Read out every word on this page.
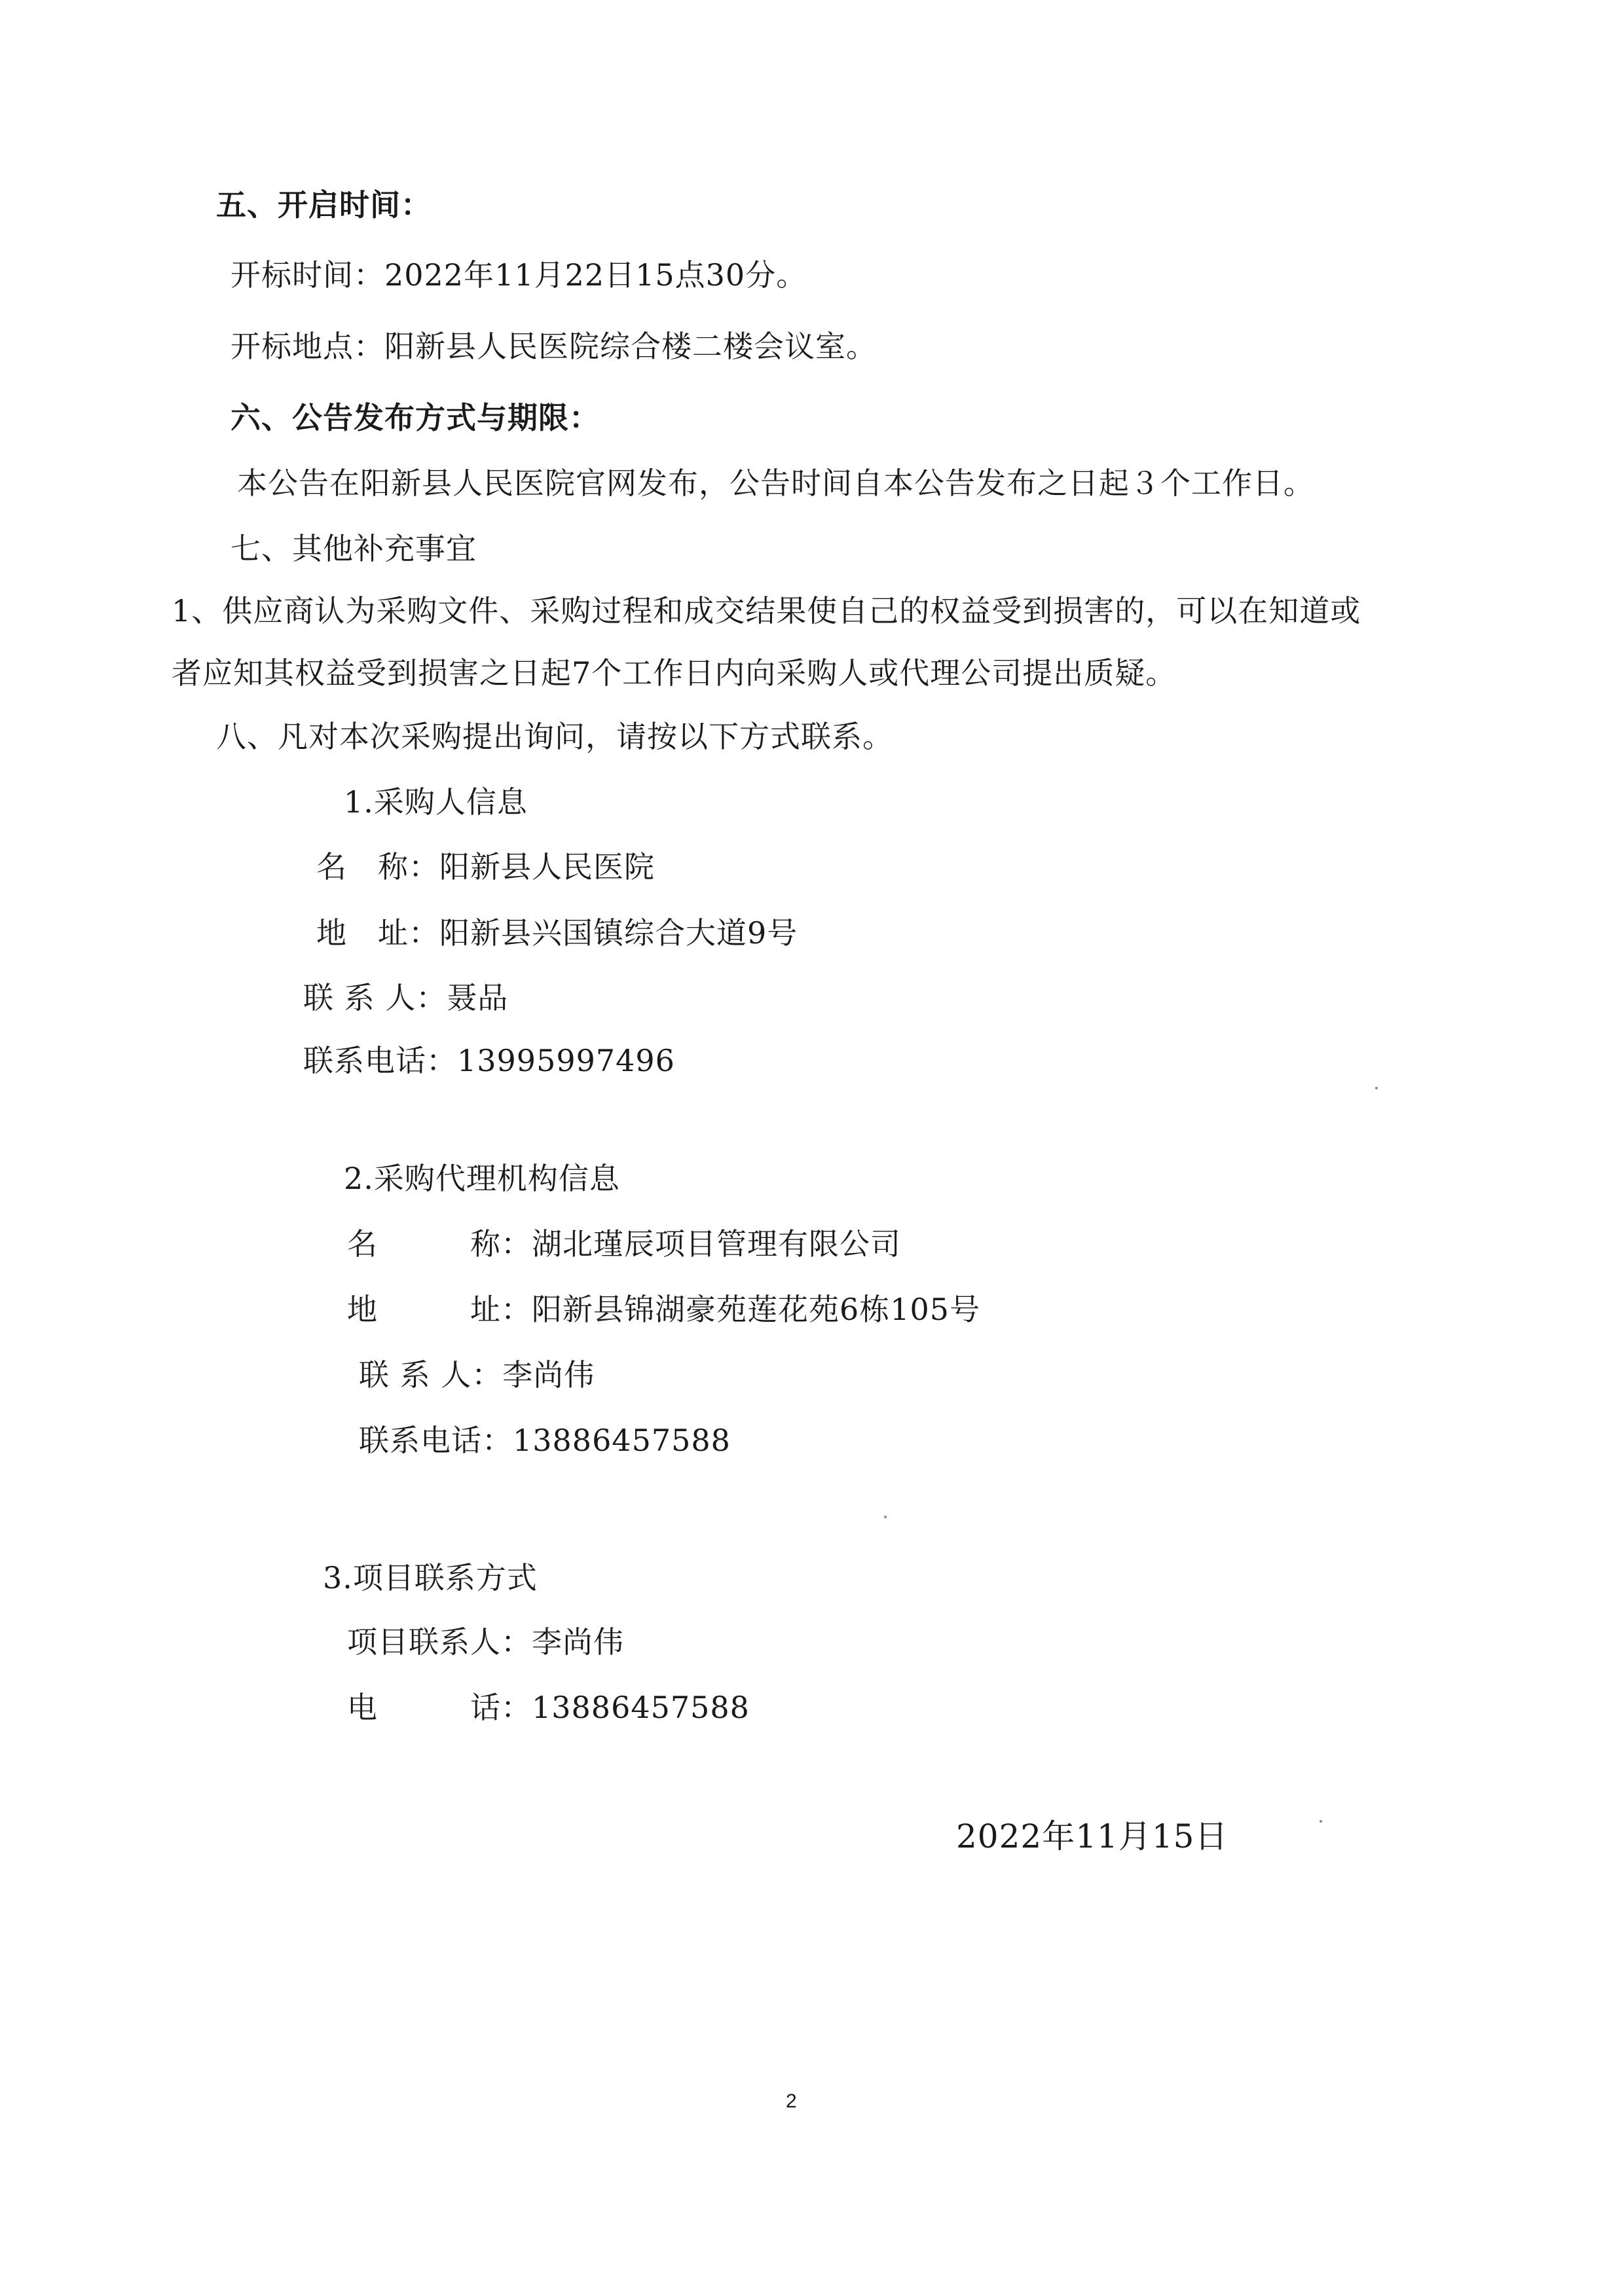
五、开启时间：
开标时间：2022年11月22日15点30分。
开标地点：阳新县人民医院综合楼二楼会议室。
六、公告发布方式与期限：
本公告在阳新县人民医院官网发布，公告时间自本公告发布之日起３个工作日。
七、其他补充事宜
1、供应商认为采购文件、采购过程和成交结果使自己的权益受到损害的，可以在知道或
者应知其权益受到损害之日起7个工作日内向采购人或代理公司提出质疑。
八、凡对本次采购提出询问，请按以下方式联系。
1.采购人信息
名　称：阳新县人民医院
地　址：阳新县兴国镇综合大道9号
联 系 人：聂品
联系电话：13995997496
2.采购代理机构信息
名　　　称：湖北瑾辰项目管理有限公司
地　　　址：阳新县锦湖豪苑莲花苑6栋105号
联 系 人：李尚伟
联系电话：13886457588
3.项目联系方式
项目联系人：李尚伟
电　　　话：13886457588
2022年11月15日
2
